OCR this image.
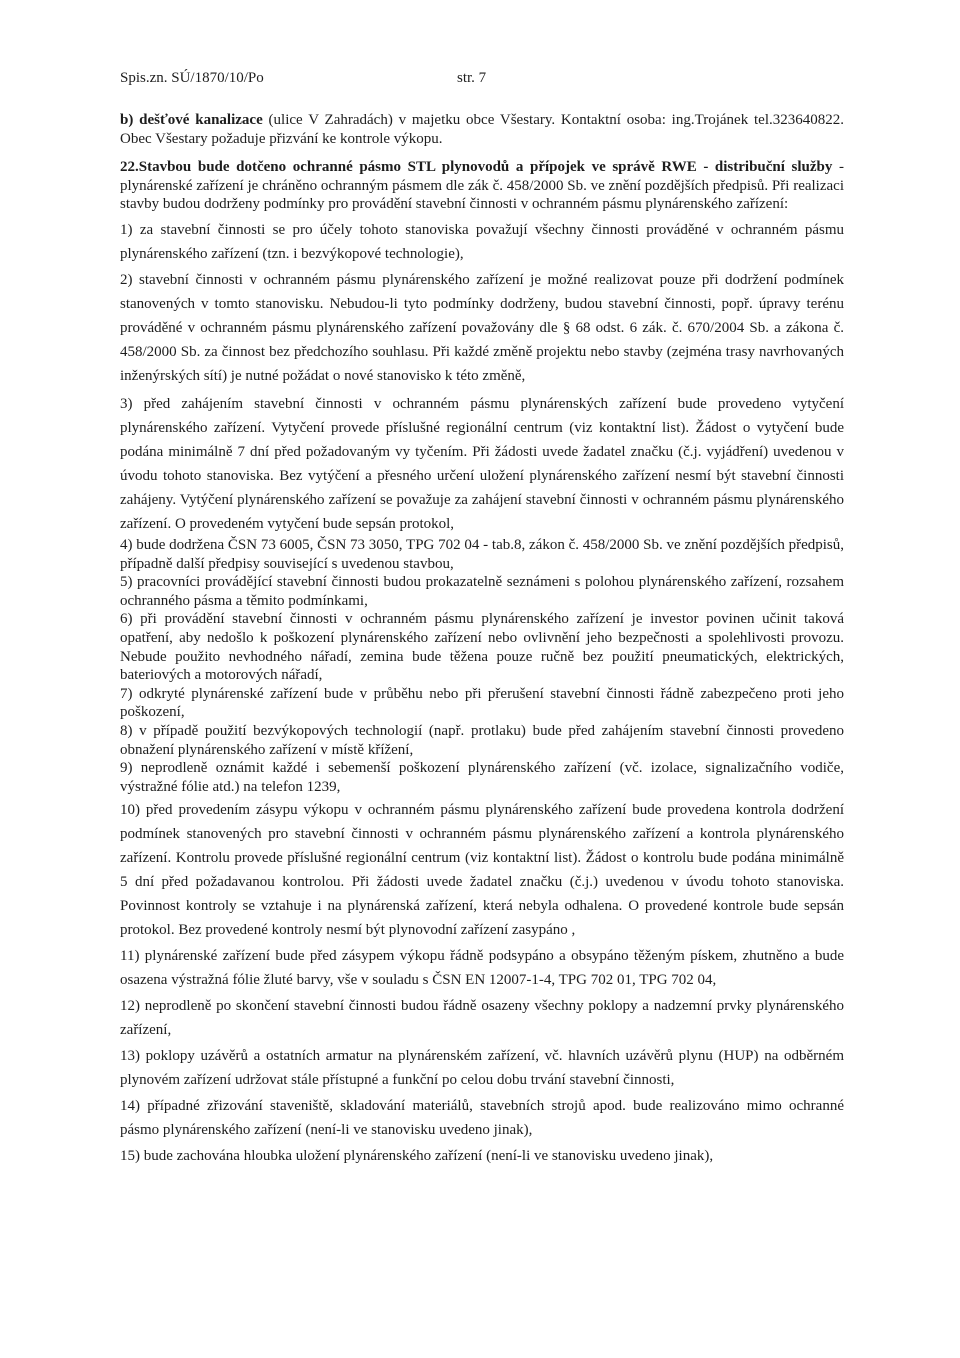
Spis.zn. SÚ/1870/10/Po	str. 7

b) dešťové kanalizace (ulice V Zahradách) v majetku obce Všestary. Kontaktní osoba: ing.Trojánek tel.323640822. Obec Všestary požaduje přizvání ke kontrole výkopu.

22.Stavbou bude dotčeno ochranné pásmo STL plynovodů a přípojek ve správě RWE - distribuční služby - plynárenské zařízení je chráněno ochranným pásmem dle zák č. 458/2000 Sb. ve znění pozdějších předpisů. Při realizaci stavby budou dodrženy podmínky pro provádění stavební činnosti v ochranném pásmu plynárenského zařízení:

1) za stavební činnosti se pro účely tohoto stanoviska považují všechny činnosti prováděné v ochranném pásmu plynárenského zařízení (tzn. i bezvýkopové technologie),

2) stavební činnosti v ochranném pásmu plynárenského zařízení je možné realizovat pouze při dodržení podmínek stanovených v tomto stanovisku. Nebudou-li tyto podmínky dodrženy, budou stavební činnosti, popř. úpravy terénu prováděné v ochranném pásmu plynárenského zařízení považovány dle § 68 odst. 6 zák. č. 670/2004 Sb. a zákona č. 458/2000 Sb. za činnost bez předchozího souhlasu. Při každé změně projektu nebo stavby (zejména trasy navrhovaných inženýrských sítí) je nutné požádat o nové stanovisko k této změně,

3) před zahájením stavební činnosti v ochranném pásmu plynárenských zařízení bude provedeno vytyčení plynárenského zařízení. Vytyčení provede příslušné regionální centrum (viz kontaktní list). Žádost o vytyčení bude podána minimálně 7 dní před požadovaným vy tyčením. Při žádosti uvede žadatel značku (č.j. vyjádření) uvedenou v úvodu tohoto stanoviska. Bez vytýčení a přesného určení uložení plynárenského zařízení nesmí být stavební činnosti zahájeny. Vytýčení plynárenského zařízení se považuje za zahájení stavební činnosti v ochranném pásmu plynárenského zařízení. O provedeném vytyčení bude sepsán protokol,

4) bude dodržena ČSN 73 6005, ČSN 73 3050, TPG 702 04 - tab.8, zákon č. 458/2000 Sb. ve znění pozdějších předpisů, případně další předpisy související s uvedenou stavbou,

5) pracovníci provádějící stavební činnosti budou prokazatelně seznámeni s polohou plynárenského zařízení, rozsahem ochranného pásma a těmito podmínkami,

6) při provádění stavební činnosti v ochranném pásmu plynárenského zařízení je investor povinen učinit taková opatření, aby nedošlo k poškození plynárenského zařízení nebo ovlivnění jeho bezpečnosti a spolehlivosti provozu. Nebude použito nevhodného nářadí, zemina bude těžena pouze ručně bez použití pneumatických, elektrických, bateriových a motorových nářadí,

7) odkryté plynárenské zařízení bude v průběhu nebo při přerušení stavební činnosti řádně zabezpečeno proti jeho poškození,

8) v případě použití bezvýkopových technologií (např. protlaku) bude před zahájením stavební činnosti provedeno obnažení plynárenského zařízení v místě křížení,

9) neprodleně oznámit každé i sebemenší poškození plynárenského zařízení (vč. izolace, signalizačního vodiče, výstražné fólie atd.) na telefon 1239,

10) před provedením zásypu výkopu v ochranném pásmu plynárenského zařízení bude provedena kontrola dodržení podmínek stanovených pro stavební činnosti v ochranném pásmu plynárenského zařízení a kontrola plynárenského zařízení. Kontrolu provede příslušné regionální centrum (viz kontaktní list). Žádost o kontrolu bude podána minimálně 5 dní před požadavanou kontrolou. Při žádosti uvede žadatel značku (č.j.) uvedenou v úvodu tohoto stanoviska. Povinnost kontroly se vztahuje i na plynárenská zařízení, která nebyla odhalena. O provedené kontrole bude sepsán protokol. Bez provedené kontroly nesmí být plynovodní zařízení zasypáno ,

11) plynárenské zařízení bude před zásypem výkopu řádně podsypáno a obsypáno těženým pískem, zhutněno a bude osazena výstražná fólie žluté barvy, vše v souladu s ČSN EN 12007-1-4, TPG 702 01, TPG 702 04,

12) neprodleně po skončení stavební činnosti budou řádně osazeny všechny poklopy a nadzemní prvky plynárenského zařízení,

13) poklopy uzávěrů a ostatních armatur na plynárenském zařízení, vč. hlavních uzávěrů plynu (HUP) na odběrném plynovém zařízení udržovat stále přístupné a funkční po celou dobu trvání stavební činnosti,

14) případné zřizování staveniště, skladování materiálů, stavebních strojů apod. bude realizováno mimo ochranné pásmo plynárenského zařízení (není-li ve stanovisku uvedeno jinak),

15) bude zachována hloubka uložení plynárenského zařízení (není-li ve stanovisku uvedeno jinak),
